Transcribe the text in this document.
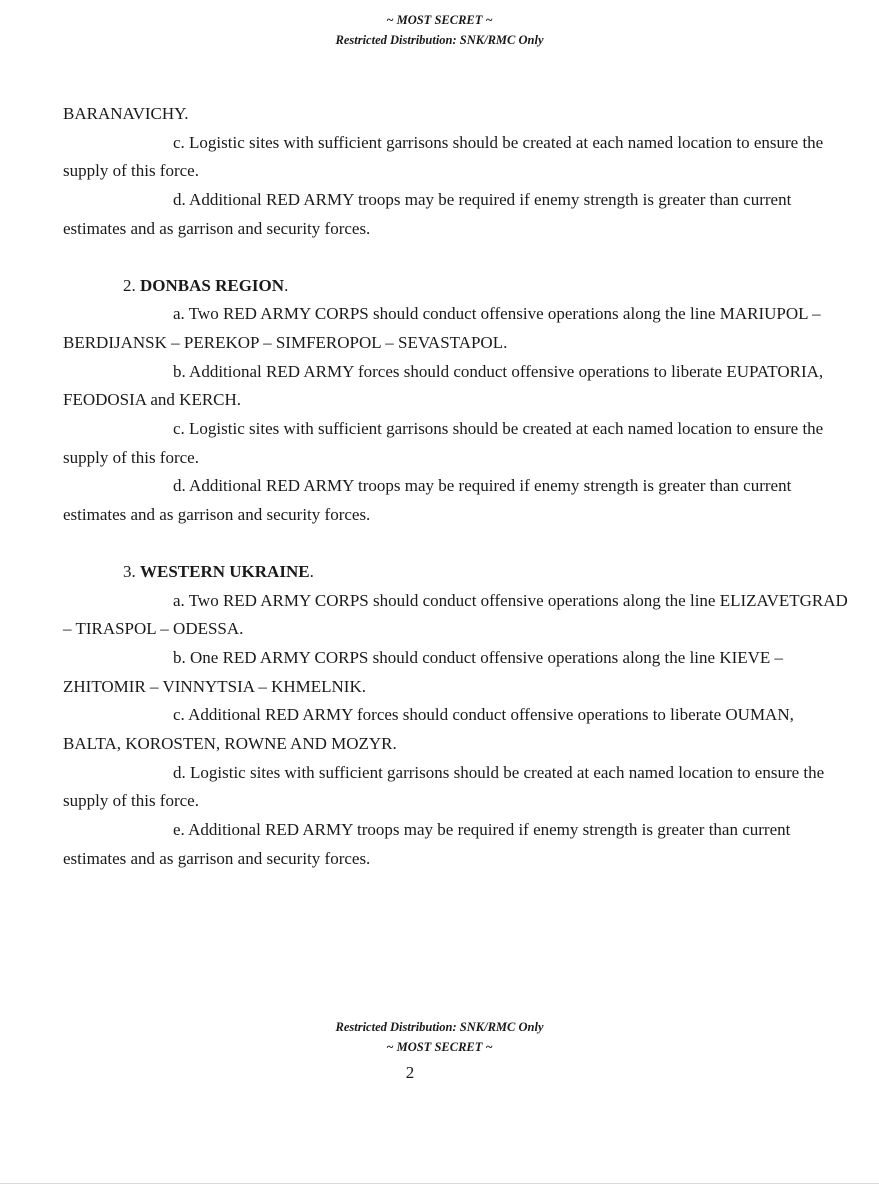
~ MOST SECRET ~
Restricted Distribution: SNK/RMC Only

BARANAVICHY.

c. Logistic sites with sufficient garrisons should be created at each named location to ensure the supply of this force.

d. Additional RED ARMY troops may be required if enemy strength is greater than current estimates and as garrison and security forces.

2. DONBAS REGION.

a. Two RED ARMY CORPS should conduct offensive operations along the line MARIUPOL – BERDIJANSK – PEREKOP – SIMFEROPOL – SEVASTAPOL.

b. Additional RED ARMY forces should conduct offensive operations to liberate EUPATORIA, FEODOSIA and KERCH.

c. Logistic sites with sufficient garrisons should be created at each named location to ensure the supply of this force.

d. Additional RED ARMY troops may be required if enemy strength is greater than current estimates and as garrison and security forces.

3. WESTERN UKRAINE.

a. Two RED ARMY CORPS should conduct offensive operations along the line ELIZAVETGRAD – TIRASPOL – ODESSA.

b. One RED ARMY CORPS should conduct offensive operations along the line KIEVE – ZHITOMIR – VINNYTSIA – KHMELNIK.

c. Additional RED ARMY forces should conduct offensive operations to liberate OUMAN, BALTA, KOROSTEN, ROWNE AND MOZYR.

d. Logistic sites with sufficient garrisons should be created at each named location to ensure the supply of this force.

e. Additional RED ARMY troops may be required if enemy strength is greater than current estimates and as garrison and security forces.

Restricted Distribution: SNK/RMC Only
~ MOST SECRET ~
2
